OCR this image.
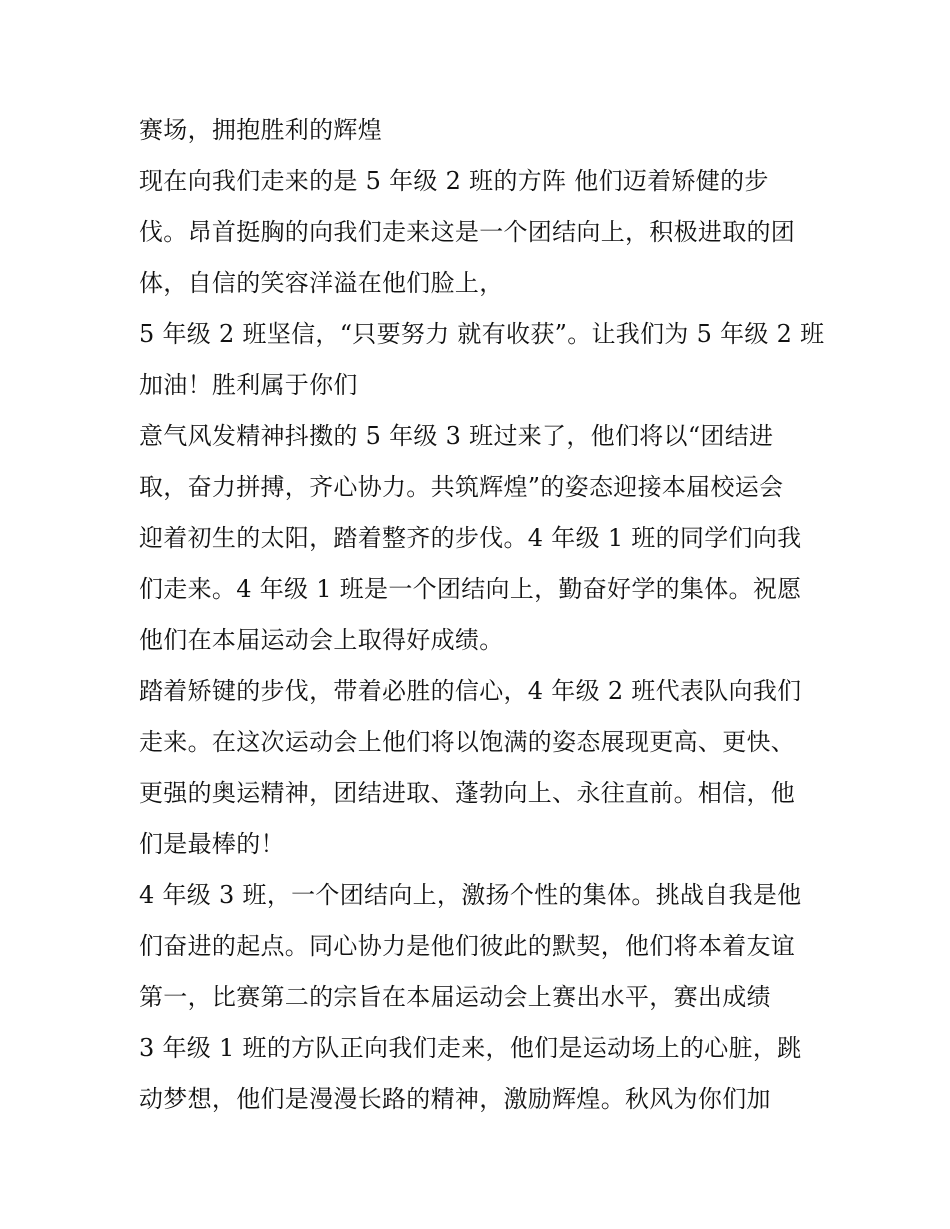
赛场，拥抱胜利的辉煌
现在向我们走来的是 5 年级 2 班的方阵 他们迈着矫健的步
伐。昂首挺胸的向我们走来这是一个团结向上，积极进取的团
体，自信的笑容洋溢在他们脸上，
5 年级 2 班坚信，“只要努力 就有收获”。让我们为 5 年级 2 班
加油！胜利属于你们
意气风发精神抖擞的 5 年级 3 班过来了，他们将以“团结进
取，奋力拼搏，齐心协力。共筑辉煌”的姿态迎接本届校运会
迎着初生的太阳，踏着整齐的步伐。4 年级 1 班的同学们向我
们走来。4 年级 1 班是一个团结向上，勤奋好学的集体。祝愿
他们在本届运动会上取得好成绩。
踏着矫键的步伐，带着必胜的信心，4 年级 2 班代表队向我们
走来。在这次运动会上他们将以饱满的姿态展现更高、更快、
更强的奥运精神，团结进取、蓬勃向上、永往直前。相信，他
们是最棒的！
4 年级 3 班，一个团结向上，激扬个性的集体。挑战自我是他
们奋进的起点。同心协力是他们彼此的默契，他们将本着友谊
第一，比赛第二的宗旨在本届运动会上赛出水平，赛出成绩
3 年级 1 班的方队正向我们走来，他们是运动场上的心脏，跳
动梦想，他们是漫漫长路的精神，激励辉煌。秋风为你们加
